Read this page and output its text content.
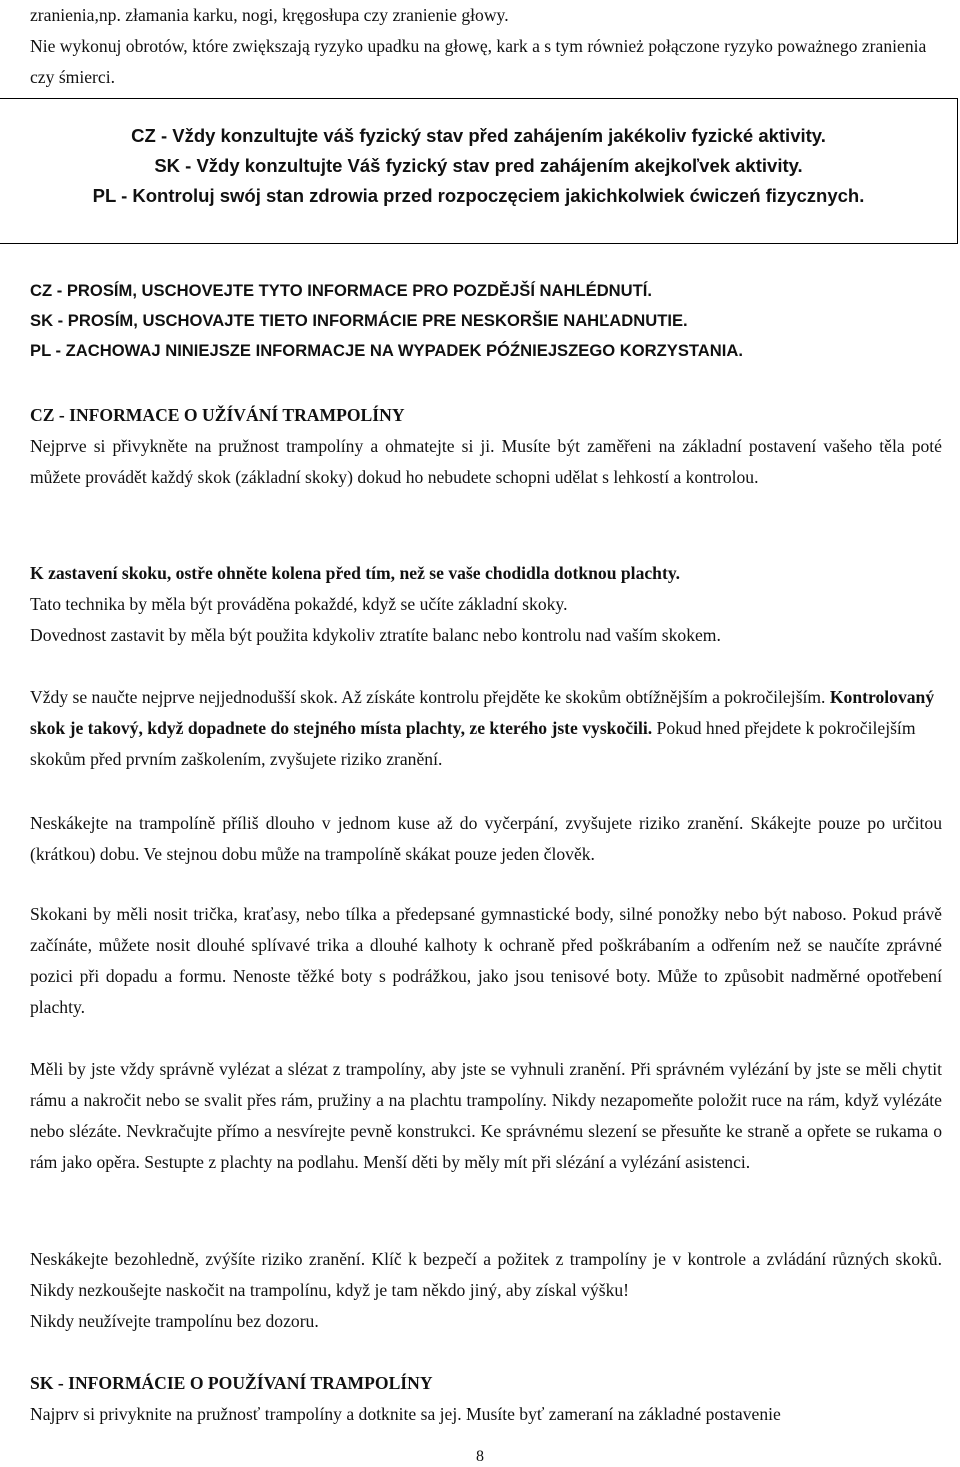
zranienia,np. złamania karku, nogi, kręgosłupa czy zranienie głowy.
Nie wykonuj obrotów, które zwiększają ryzyko upadku na głowę, kark a s tym również połączone ryzyko poważnego zranienia czy śmierci.

CZ - Vždy konzultujte váš fyzický stav před zahájením jakékoliv fyzické aktivity.

SK - Vždy konzultujte Váš fyzický stav pred zahájením akejkoľvek aktivity.

PL - Kontroluj swój stan zdrowia przed rozpoczęciem jakichkolwiek ćwiczeń fizycznych.

CZ - PROSÍM, USCHOVEJTE TYTO INFORMACE PRO POZDĚJŠÍ NAHLÉDNUTÍ.
SK - PROSÍM, USCHOVAJTE TIETO INFORMÁCIE PRE NESKORŠIE NAHĽADNUTIE.
PL - ZACHOWAJ NINIEJSZE INFORMACJE NA WYPADEK PÓŹNIEJSZEGO KORZYSTANIA.
CZ - INFORMACE O UŽÍVÁNÍ TRAMPOLÍNY

Nejprve si přivykněte na pružnost trampolíny a ohmatejte si ji. Musíte být zaměřeni na základní postavení vašeho těla poté můžete provádět každý skok (základní skoky) dokud ho nebudete schopni udělat s lehkostí a kontrolou.

K zastavení skoku, ostře ohněte kolena před tím, než se vaše chodidla dotknou plachty.
Tato technika by měla být prováděna pokaždé, když se učíte základní skoky.
Dovednost zastavit by měla být použita kdykoliv ztratíte balanc nebo kontrolu nad vaším skokem.

Vždy se naučte nejprve nejjednodušší skok. Až získáte kontrolu přejděte ke skokům obtížnějším a pokročilejším. Kontrolovaný skok je takový, když dopadnete do stejného místa plachty, ze kterého jste vyskočili. Pokud hned přejdete k pokročilejším skokům před prvním zaškolením, zvyšujete riziko zranění.

Neskákejte na trampolíně příliš dlouho v jednom kuse až do vyčerpání, zvyšujete riziko zranění. Skákejte pouze po určitou (krátkou) dobu. Ve stejnou dobu může na trampolíně skákat pouze jeden člověk.

Skokani by měli nosit trička, kraťasy, nebo tílka a předepsané gymnastické body, silné ponožky nebo být naboso. Pokud právě začínáte, můžete nosit dlouhé splívavé trika a dlouhé kalhoty k ochraně před poškrábaním a odřením než se naučíte zprávné pozici při dopadu a formu. Nenoste těžké boty s podrážkou, jako jsou tenisové boty. Může to způsobit nadměrné opotřebení plachty.

Měli by jste vždy správně vylézat a slézat z trampolíny, aby jste se vyhnuli zranění. Při správném vylézání by jste se měli chytit rámu a nakročit nebo se svalit přes rám, pružiny a na plachtu trampolíny. Nikdy nezapomeňte položit ruce na rám, když vylézáte nebo slézáte. Nevkračujte přímo a nesvírejte pevně konstrukci. Ke správnému slezení se přesuňte ke straně a opřete se rukama o rám jako opěra. Sestupte z plachty na podlahu. Menší děti by měly mít při slézání a vylézání asistenci.

Neskákejte bezohledně, zvýšíte riziko zranění. Klíč k bezpečí a požitek z trampolíny je v kontrole a zvládání různých skoků. Nikdy nezkoušejte naskočit na trampolínu, když je tam někdo jiný, aby získal výšku!
Nikdy neužívejte trampolínu bez dozoru.
SK - INFORMÁCIE O POUŽÍVANÍ TRAMPOLÍNY

Najprv si privyknite na pružnosť trampolíny a dotknite sa jej. Musíte byť zameraní na základné postavenie

8
